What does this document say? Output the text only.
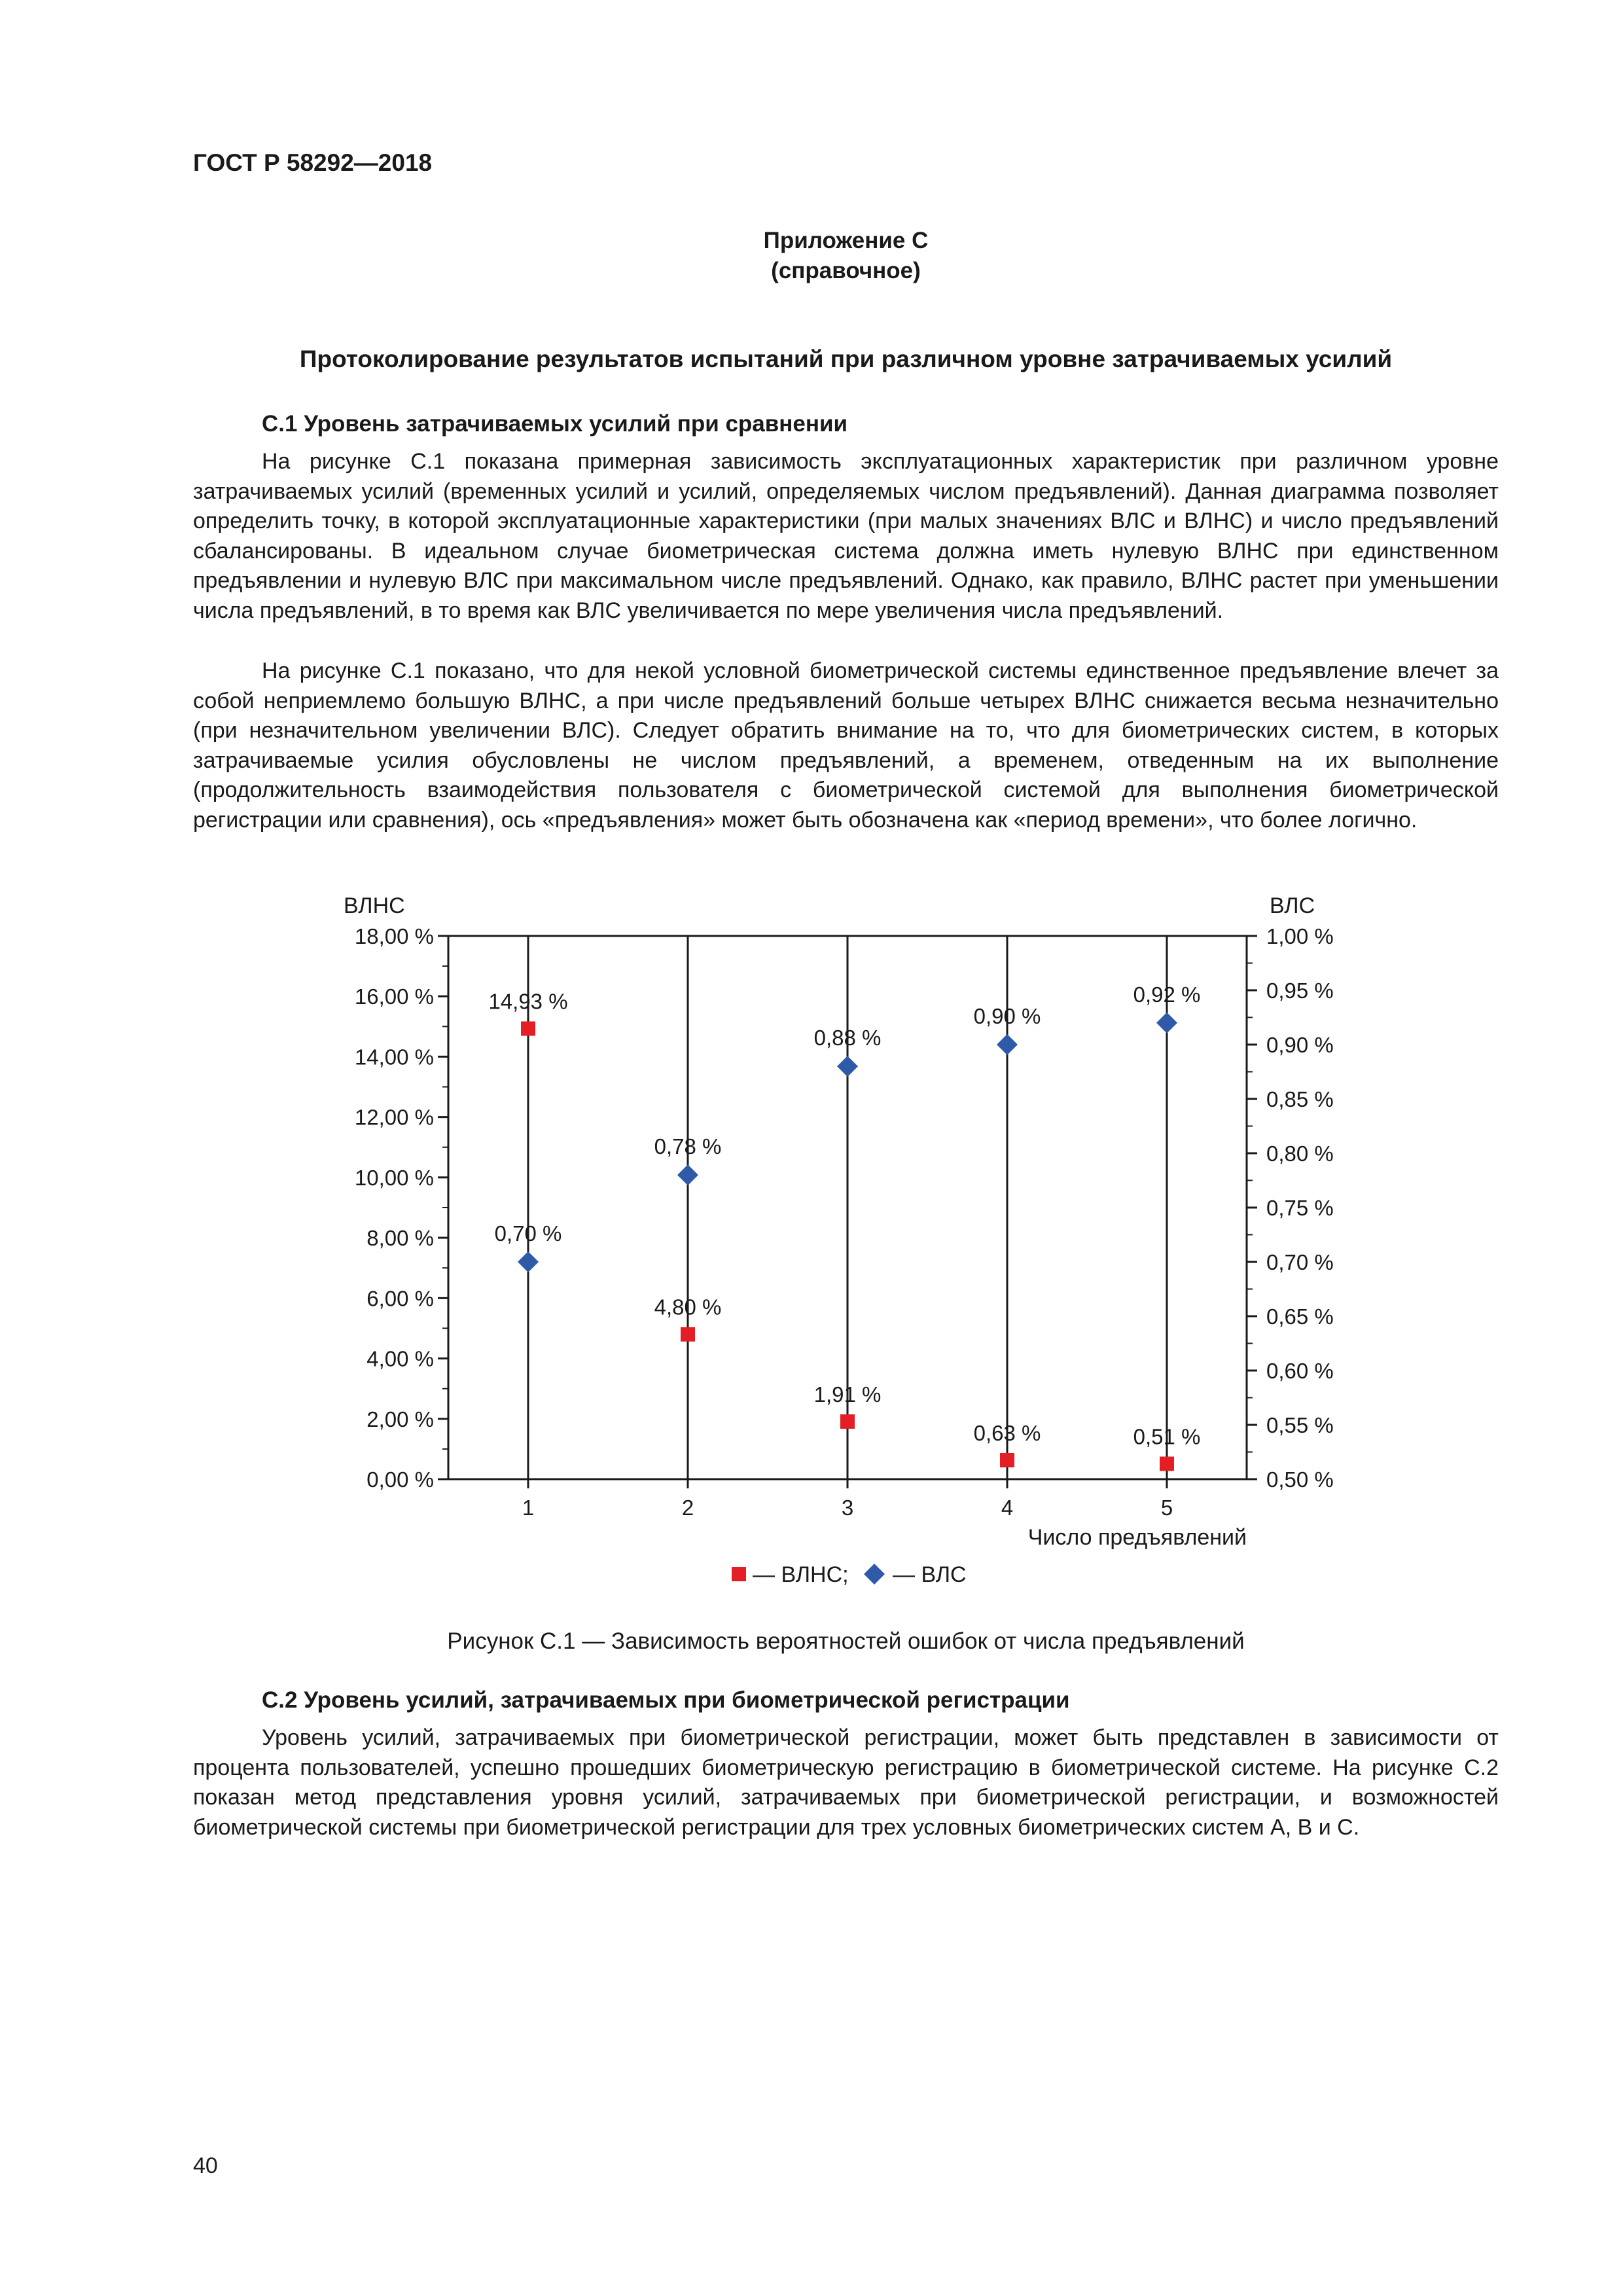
ГОСТ Р 58292—2018
Приложение С
(справочное)
Протоколирование результатов испытаний при различном уровне затрачиваемых усилий
С.1 Уровень затрачиваемых усилий при сравнении
На рисунке С.1 показана примерная зависимость эксплуатационных характеристик при различном уровне затрачиваемых усилий (временных усилий и усилий, определяемых числом предъявлений). Данная диаграмма позволяет определить точку, в которой эксплуатационные характеристики (при малых значениях ВЛС и ВЛНС) и число предъявлений сбалансированы. В идеальном случае биометрическая система должна иметь нулевую ВЛНС при единственном предъявлении и нулевую ВЛС при максимальном числе предъявлений. Однако, как правило, ВЛНС растет при уменьшении числа предъявлений, в то время как ВЛС увеличивается по мере увеличения числа предъявлений.
На рисунке С.1 показано, что для некой условной биометрической системы единственное предъявление влечет за собой неприемлемо большую ВЛНС, а при числе предъявлений больше четырех ВЛНС снижается весьма незначительно (при незначительном увеличении ВЛС). Следует обратить внимание на то, что для биометрических систем, в которых затрачиваемые усилия обусловлены не числом предъявлений, а временем, отведенным на их выполнение (продолжительность взаимодействия пользователя с биометрической системой для выполнения биометрической регистрации или сравнения), ось «предъявления» может быть обозначена как «период времени», что более логично.
0,00 %
2,00 %
4,00 %
6,00 %
8,00 %
10,00 %
12,00 %
14,00 %
16,00 %
18,00 %
ВЛНС
0,50 %
0,55 %
0,60 %
0,65 %
0,70 %
0,75 %
0,80 %
0,85 %
0,90 %
0,95 %
1,00 %
ВЛС
1	2	3	4	5
Число предъявлений
14,93 %
4,80 %
1,91 %
0,63 %	0,51 %
0,70 %
0,78 %
0,88 %
0,90 %
0,92 %
— ВЛНС; — ВЛС
Рисунок С.1 — Зависимость вероятностей ошибок от числа предъявлений
С.2 Уровень усилий, затрачиваемых при биометрической регистрации
Уровень усилий, затрачиваемых при биометрической регистрации, может быть представлен в зависимости от процента пользователей, успешно прошедших биометрическую регистрацию в биометрической системе. На рисунке С.2 показан метод представления уровня усилий, затрачиваемых при биометрической регистрации, и возможностей биометрической системы при биометрической регистрации для трех условных биометрических систем А, В и С.
40
